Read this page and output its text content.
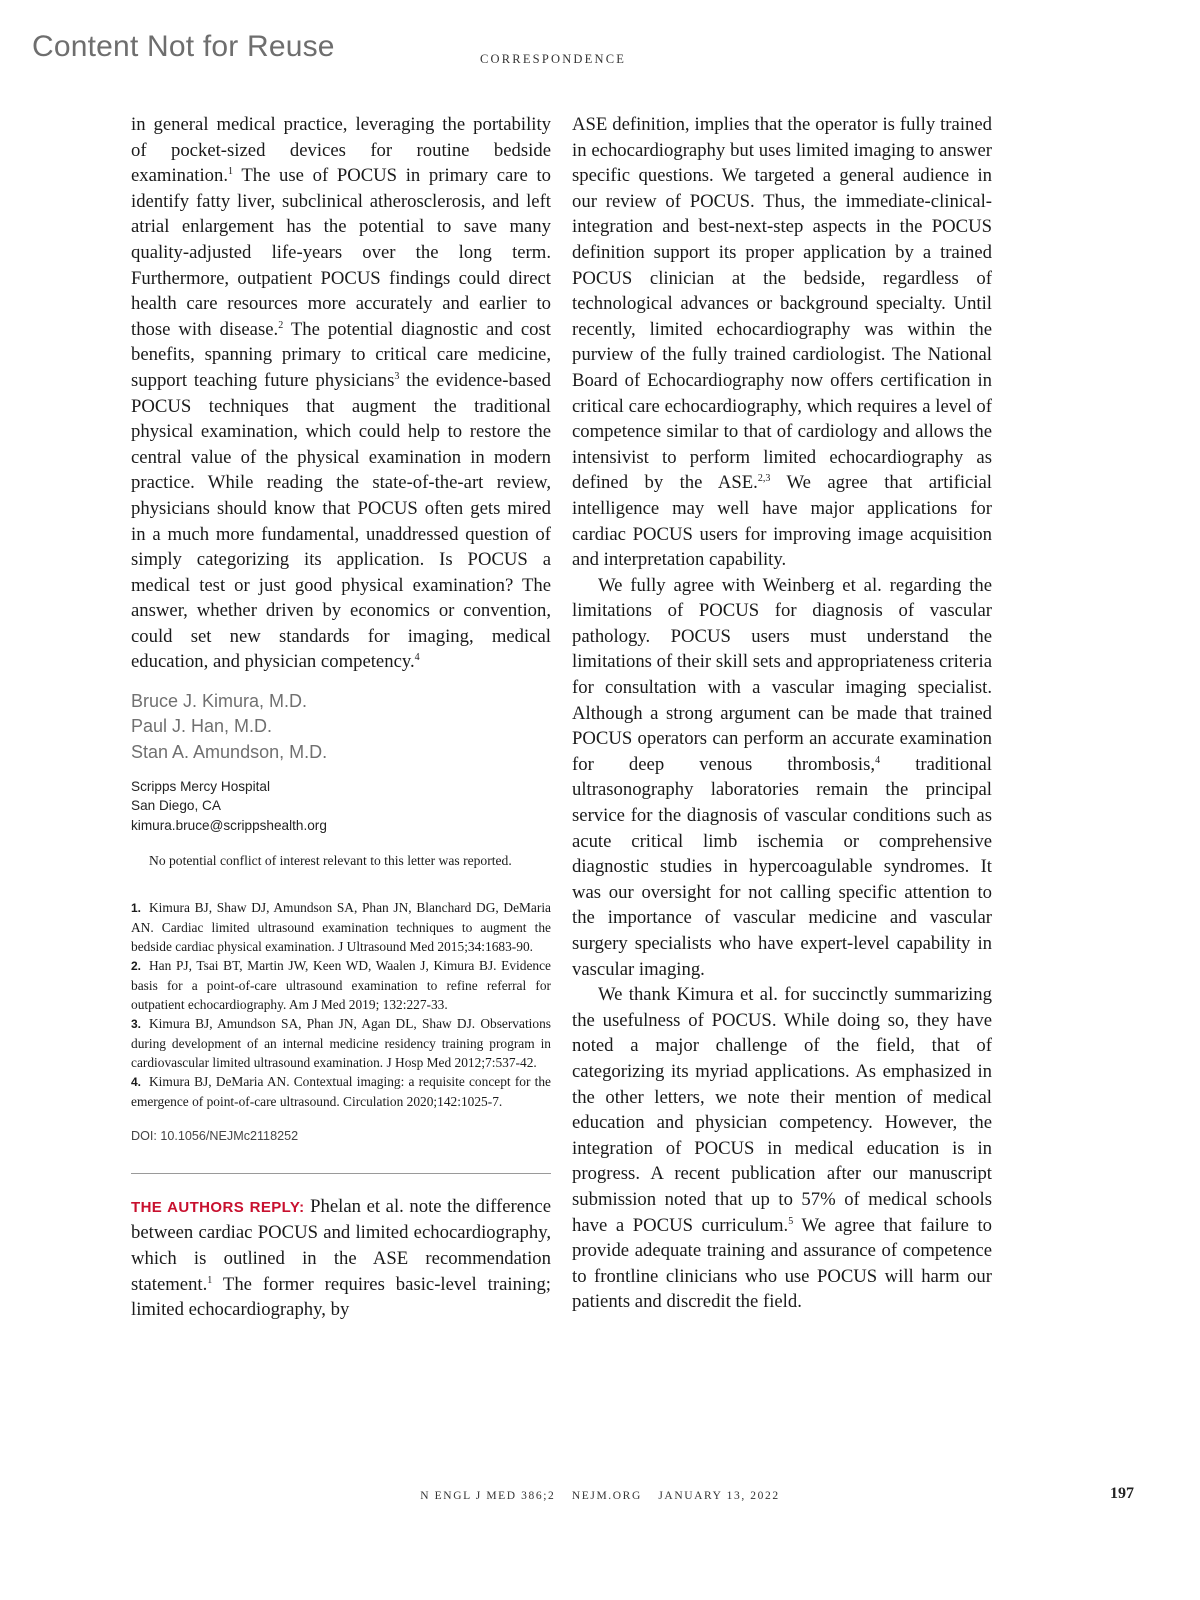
Content Not for Reuse	CORRESPONDENCE

in general medical practice, leveraging the portability of pocket-sized devices for routine bedside examination.$^1$ The use of POCUS in primary care to identify fatty liver, subclinical atherosclerosis, and left atrial enlargement has the potential to save many quality-adjusted life-years over the long term. Furthermore, outpatient POCUS findings could direct health care resources more accurately and earlier to those with disease.$^2$ The potential diagnostic and cost benefits, spanning primary to critical care medicine, support teaching future physicians$^3$ the evidence-based POCUS techniques that augment the traditional physical examination, which could help to restore the central value of the physical examination in modern practice. While reading the state-of-the-art review, physicians should know that POCUS often gets mired in a much more fundamental, unaddressed question of simply categorizing its application. Is POCUS a medical test or just good physical examination? The answer, whether driven by economics or convention, could set new standards for imaging, medical education, and physician competency.$^4$

Bruce J. Kimura, M.D.
Paul J. Han, M.D.
Stan A. Amundson, M.D.
Scripps Mercy Hospital
San Diego, CA
kimura.bruce@scrippshealth.org

No potential conflict of interest relevant to this letter was reported.

1. Kimura BJ, Shaw DJ, Amundson SA, Phan JN, Blanchard DG, DeMaria AN. Cardiac limited ultrasound examination techniques to augment the bedside cardiac physical examination. J Ultrasound Med 2015;34:1683-90.

2. Han PJ, Tsai BT, Martin JW, Keen WD, Waalen J, Kimura BJ. Evidence basis for a point-of-care ultrasound examination to refine referral for outpatient echocardiography. Am J Med 2019; 132:227-33.

3. Kimura BJ, Amundson SA, Phan JN, Agan DL, Shaw DJ. Observations during development of an internal medicine residency training program in cardiovascular limited ultrasound examination. J Hosp Med 2012;7:537-42.

4. Kimura BJ, DeMaria AN. Contextual imaging: a requisite concept for the emergence of point-of-care ultrasound. Circulation 2020;142:1025-7.

DOI: 10.1056/NEJMc2118252

THE AUTHORS REPLY: Phelan et al. note the difference between cardiac POCUS and limited echocardiography, which is outlined in the ASE recommendation statement.$^1$ The former requires basic-level training; limited echocardiography, by

ASE definition, implies that the operator is fully trained in echocardiography but uses limited imaging to answer specific questions. We targeted a general audience in our review of POCUS. Thus, the immediate-clinical-integration and best-next-step aspects in the POCUS definition support its proper application by a trained POCUS clinician at the bedside, regardless of technological advances or background specialty. Until recently, limited echocardiography was within the purview of the fully trained cardiologist. The National Board of Echocardiography now offers certification in critical care echocardiography, which requires a level of competence similar to that of cardiology and allows the intensivist to perform limited echocardiography as defined by the ASE.$^{2,3}$ We agree that artificial intelligence may well have major applications for cardiac POCUS users for improving image acquisition and interpretation capability.

We fully agree with Weinberg et al. regarding the limitations of POCUS for diagnosis of vascular pathology. POCUS users must understand the limitations of their skill sets and appropriateness criteria for consultation with a vascular imaging specialist. Although a strong argument can be made that trained POCUS operators can perform an accurate examination for deep venous thrombosis,$^4$ traditional ultrasonography laboratories remain the principal service for the diagnosis of vascular conditions such as acute critical limb ischemia or comprehensive diagnostic studies in hypercoagulable syndromes. It was our oversight for not calling specific attention to the importance of vascular medicine and vascular surgery specialists who have expert-level capability in vascular imaging.

We thank Kimura et al. for succinctly summarizing the usefulness of POCUS. While doing so, they have noted a major challenge of the field, that of categorizing its myriad applications. As emphasized in the other letters, we note their mention of medical education and physician competency. However, the integration of POCUS in medical education is in progress. A recent publication after our manuscript submission noted that up to 57% of medical schools have a POCUS curriculum.$^5$ We agree that failure to provide adequate training and assurance of competence to frontline clinicians who use POCUS will harm our patients and discredit the field.

N ENGL J MED 386;2 NEJM.ORG JANUARY 13, 2022	197
